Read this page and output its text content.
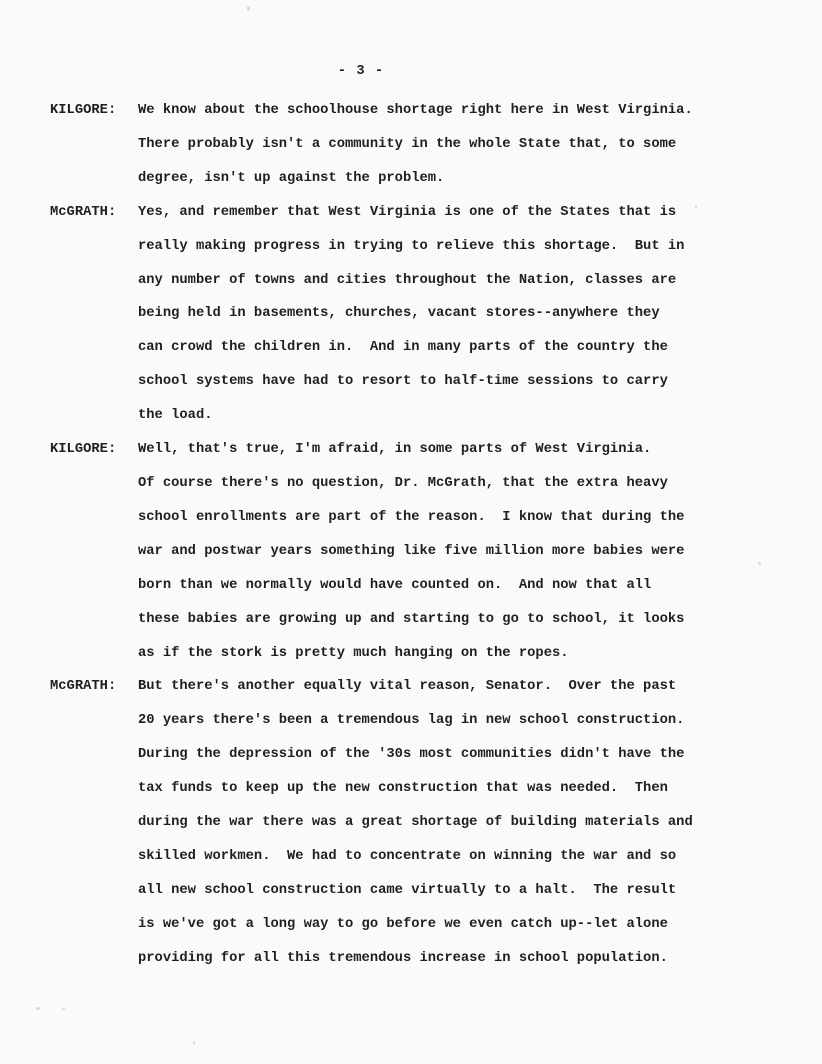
- 3 -
KILGORE: We know about the schoolhouse shortage right here in West Virginia.
There probably isn't a community in the whole State that, to some
degree, isn't up against the problem.
McGRATH: Yes, and remember that West Virginia is one of the States that is
really making progress in trying to relieve this shortage.  But in
any number of towns and cities throughout the Nation, classes are
being held in basements, churches, vacant stores--anywhere they
can crowd the children in.  And in many parts of the country the
school systems have had to resort to half-time sessions to carry
the load.
KILGORE: Well, that's true, I'm afraid, in some parts of West Virginia.
Of course there's no question, Dr. McGrath, that the extra heavy
school enrollments are part of the reason.  I know that during the
war and postwar years something like five million more babies were
born than we normally would have counted on.  And now that all
these babies are growing up and starting to go to school, it looks
as if the stork is pretty much hanging on the ropes.
McGRATH: But there's another equally vital reason, Senator.  Over the past
20 years there's been a tremendous lag in new school construction.
During the depression of the '30s most communities didn't have the
tax funds to keep up the new construction that was needed.  Then
during the war there was a great shortage of building materials and
skilled workmen.  We had to concentrate on winning the war and so
all new school construction came virtually to a halt.  The result
is we've got a long way to go before we even catch up--let alone
providing for all this tremendous increase in school population.
